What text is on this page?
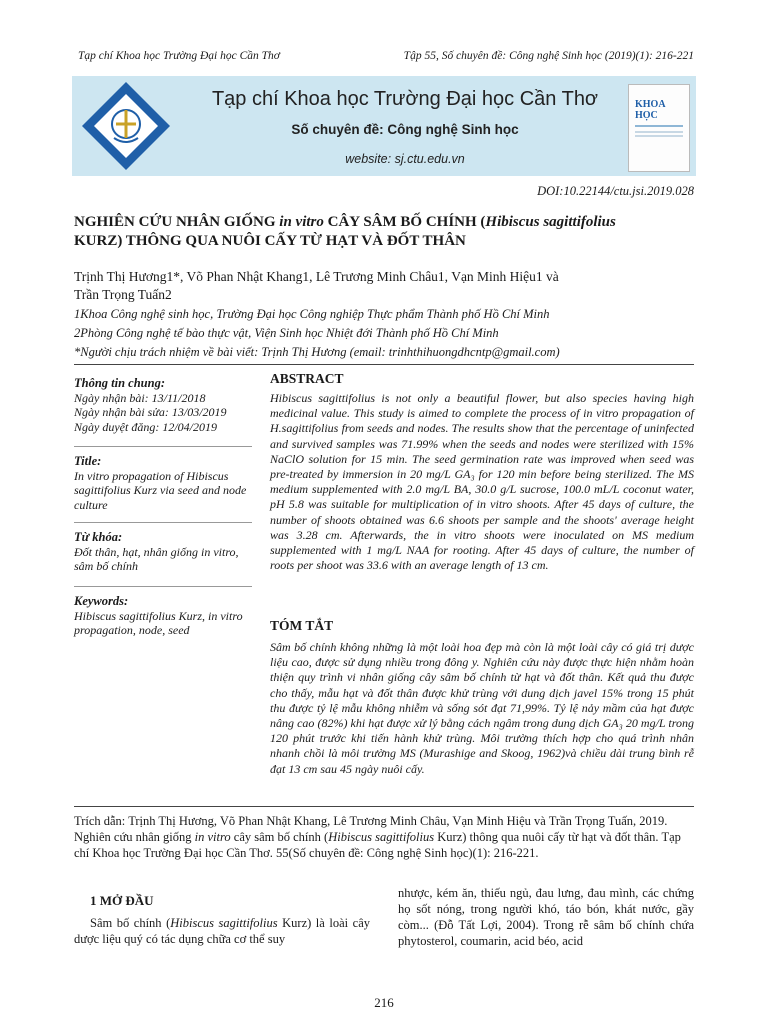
Tạp chí Khoa học Trường Đại học Cần Thơ	Tập 55, Số chuyên đề: Công nghệ Sinh học (2019)(1): 216-221
Tạp chí Khoa học Trường Đại học Cần Thơ
Số chuyên đề: Công nghệ Sinh học
website: sj.ctu.edu.vn
KHOA HỌC
DOI:10.22144/ctu.jsi.2019.028
NGHIÊN CỨU NHÂN GIỐNG in vitro CÂY SÂM BỐ CHÍNH (Hibiscus sagittifolius
KURZ) THÔNG QUA NUÔI CẤY TỪ HẠT VÀ ĐỐT THÂN
Trịnh Thị Hương1*, Võ Phan Nhật Khang1, Lê Trương Minh Châu1, Vạn Minh Hiệu1 và
Trần Trọng Tuấn2
1Khoa Công nghệ sinh học, Trường Đại học Công nghiệp Thực phẩm Thành phố Hồ Chí Minh
2Phòng Công nghệ tế bào thực vật, Viện Sinh học Nhiệt đới Thành phố Hồ Chí Minh
*Người chịu trách nhiệm về bài viết: Trịnh Thị Hương (email: trinhthihuongdhcntp@gmail.com)
Thông tin chung:
Ngày nhận bài: 13/11/2018
Ngày nhận bài sửa: 13/03/2019
Ngày duyệt đăng: 12/04/2019
Title:
In vitro propagation of Hibiscus sagittifolius Kurz via seed and node culture
Từ khóa:
Đốt thân, hạt, nhân giống in vitro, sâm bố chính
Keywords:
Hibiscus sagittifolius Kurz, in vitro propagation, node, seed
ABSTRACT
Hibiscus sagittifolius is not only a beautiful flower, but also species having high medicinal value. This study is aimed to complete the process of in vitro propagation of H.sagittifolius from seeds and nodes. The results show that the percentage of uninfected and survived samples was 71.99% when the seeds and nodes were sterilized with 15% NaClO solution for 15 min. The seed germination rate was improved when seed was pre-treated by immersion in 20 mg/L GA₃ for 120 min before being sterilized. The MS medium supplemented with 2.0 mg/L BA, 30.0 g/L sucrose, 100.0 mL/L coconut water, pH 5.8 was suitable for multiplication of in vitro shoots. After 45 days of culture, the number of shoots obtained was 6.6 shoots per sample and the shoots' average height was 3.28 cm. Afterwards, the in vitro shoots were inoculated on MS medium supplemented with 1 mg/L NAA for rooting. After 45 days of culture, the number of roots per shoot was 33.6 with an average length of 13 cm.
TÓM TẮT
Sâm bố chính không những là một loài hoa đẹp mà còn là một loài cây có giá trị dược liệu cao, được sử dụng nhiều trong đông y. Nghiên cứu này được thực hiện nhằm hoàn thiện quy trình vi nhân giống cây sâm bố chính từ hạt và đốt thân. Kết quả thu được cho thấy, mẫu hạt và đốt thân được khử trùng với dung dịch javel 15% trong 15 phút thu được tỷ lệ mẫu không nhiễm và sống sót đạt 71,99%. Tỷ lệ nảy mầm của hạt được nâng cao (82%) khi hạt được xử lý bằng cách ngâm trong dung dịch GA₃ 20 mg/L trong 120 phút trước khi tiến hành khử trùng. Môi trường thích hợp cho quá trình nhân nhanh chồi là môi trường MS (Murashige and Skoog, 1962)và chiều dài trung bình rễ đạt 13 cm sau 45 ngày nuôi cấy.
Trích dẫn: Trịnh Thị Hương, Võ Phan Nhật Khang, Lê Trương Minh Châu, Vạn Minh Hiệu và Trần Trọng Tuấn, 2019. Nghiên cứu nhân giống in vitro cây sâm bố chính (Hibiscus sagittifolius Kurz) thông qua nuôi cấy từ hạt và đốt thân. Tạp chí Khoa học Trường Đại học Cần Thơ. 55(Số chuyên đề: Công nghệ Sinh học)(1): 216-221.
1 MỞ ĐẦU
Sâm bố chính (Hibiscus sagittifolius Kurz) là loài cây dược liệu quý có tác dụng chữa cơ thể suy
nhược, kém ăn, thiếu ngủ, đau lưng, đau mình, các chứng họ sốt nóng, trong người khó, táo bón, khát nước, gầy còm... (Đỗ Tất Lợi, 2004). Trong rễ sâm bố chính chứa phytosterol, coumarin, acid béo, acid
216
